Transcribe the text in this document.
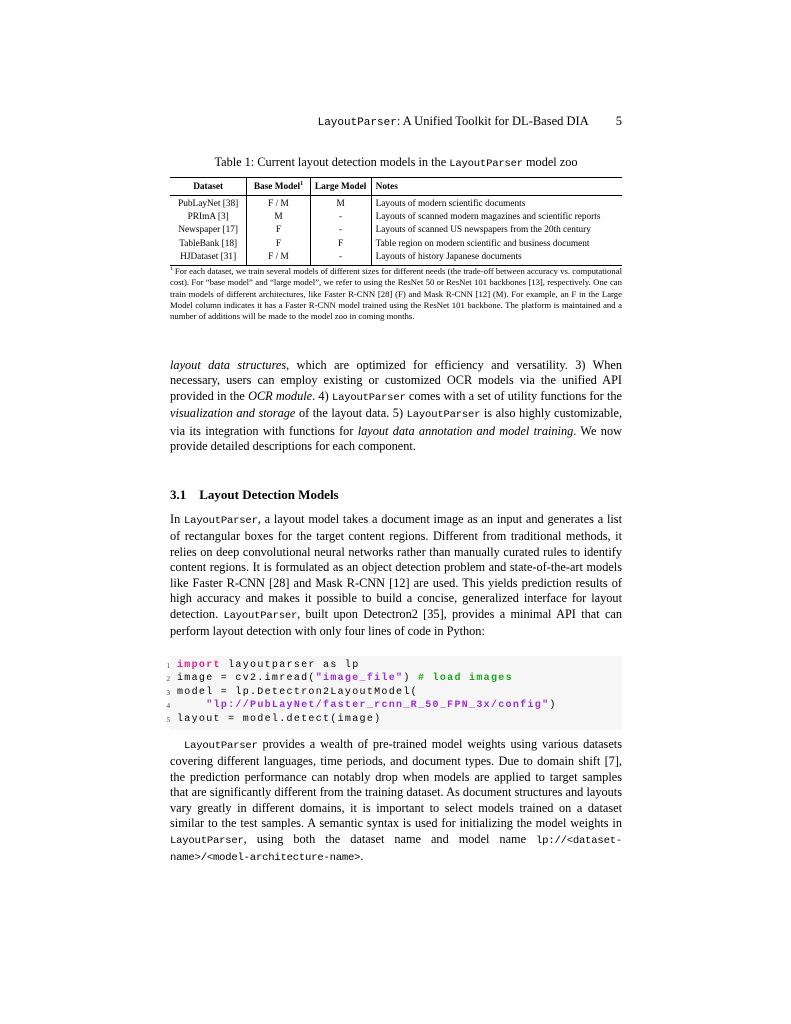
LayoutParser: A Unified Toolkit for DL-Based DIA 5
Table 1: Current layout detection models in the LayoutParser model zoo
Dataset	Base Model$^1$	Large Model	Notes
PubLayNet [38]	F / M	M	Layouts of modern scientific documents
PRImA [3]	M	-	Layouts of scanned modern magazines and scientific reports
Newspaper [17]	F	-	Layouts of scanned US newspapers from the 20th century
TableBank [18]	F	F	Table region on modern scientific and business document
HJDataset [31]	F / M	-	Layouts of history Japanese documents
$^1$ For each dataset, we train several models of different sizes for different needs (the trade-off between accuracy vs. computational cost). For “base model” and “large model”, we refer to using the ResNet 50 or ResNet 101 backbones [13], respectively. One can train models of different architectures, like Faster R-CNN [28] (F) and Mask R-CNN [12] (M). For example, an F in the Large Model column indicates it has a Faster R-CNN model trained using the ResNet 101 backbone. The platform is maintained and a number of additions will be made to the model zoo in coming months.
layout data structures, which are optimized for efficiency and versatility. 3) When necessary, users can employ existing or customized OCR models via the unified API provided in the OCR module. 4) LayoutParser comes with a set of utility functions for the visualization and storage of the layout data. 5) LayoutParser is also highly customizable, via its integration with functions for layout data annotation and model training. We now provide detailed descriptions for each component.
3.1 Layout Detection Models
In LayoutParser, a layout model takes a document image as an input and generates a list of rectangular boxes for the target content regions. Different from traditional methods, it relies on deep convolutional neural networks rather than manually curated rules to identify content regions. It is formulated as an object detection problem and state-of-the-art models like Faster R-CNN [28] and Mask R-CNN [12] are used. This yields prediction results of high accuracy and makes it possible to build a concise, generalized interface for layout detection. LayoutParser, built upon Detectron2 [35], provides a minimal API that can perform layout detection with only four lines of code in Python:
1 import layoutparser as lp
2 image = cv2.imread("image_file") # load images
3 model = lp.Detectron2LayoutModel(
4	"lp://PubLayNet/faster_rcnn_R_50_FPN_3x/config")
5 layout = model.detect(image)
LayoutParser provides a wealth of pre-trained model weights using various datasets covering different languages, time periods, and document types. Due to domain shift [7], the prediction performance can notably drop when models are applied to target samples that are significantly different from the training dataset. As document structures and layouts vary greatly in different domains, it is important to select models trained on a dataset similar to the test samples. A semantic syntax is used for initializing the model weights in LayoutParser, using both the dataset name and model name lp://<dataset-name>/<model-architecture-name>.
